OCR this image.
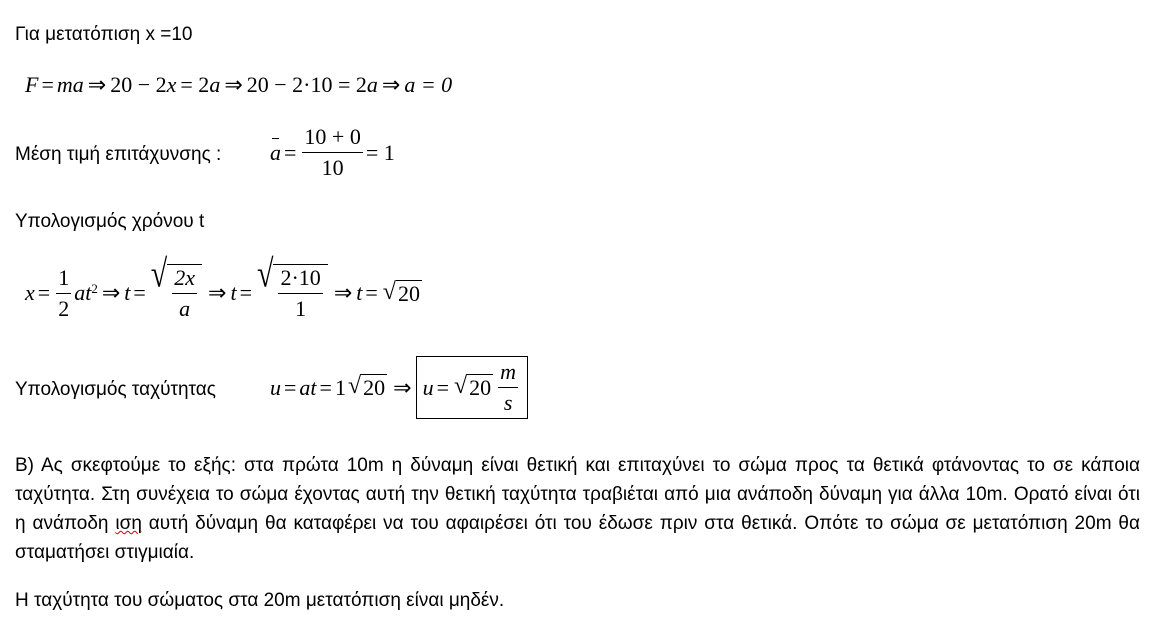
Για μετατόπιση x =10
F = ma ⇒ 20 − 2 x = 2 a ⇒ 20 − 2·10 = 2 a ⇒ a = 0
Μέση τιμή επιτάχυνσης : $a = \frac{10 + 0}{10} = 1$
Υπολογισμός χρόνου t
$x = \frac{1}{2}$ at 2 ⇒ t = √ $\frac{2x}{a}$ ⇒ t = √ $\frac{2\cdot 10}{1}$ ⇒ t = √ 20
Υπολογισμός ταχύτητας u = at = 1 √ 20 ⇒ u = √ $20 \frac{m}{s}$
Β) Ας σκεφτούμε το εξής: στα πρώτα 10m η δύναμη είναι θετική και επιταχύνει το σώμα προς τα θετικά φτάνοντας το σε κάποια ταχύτητα. Στη συνέχεια το σώμα έχοντας αυτή την θετική ταχύτητα τραβιέται από μια ανάποδη δύναμη για άλλα 10m. Ορατό είναι ότι η ανάποδη ιση αυτή δύναμη θα καταφέρει να του αφαιρέσει ότι του έδωσε πριν στα θετικά. Οπότε το σώμα σε μετατόπιση 20m θα σταματήσει στιγμιαία.
Η ταχύτητα του σώματος στα 20m μετατόπιση είναι μηδέν.
